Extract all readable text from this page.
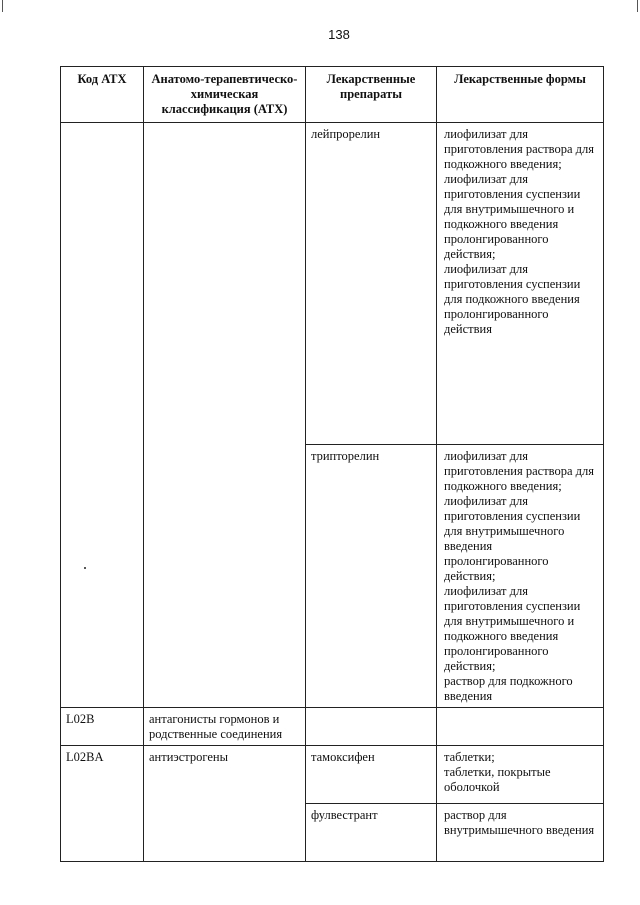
138
Код АТХ	Анатомо-терапевтическо-химическая классификация (АТХ)	Лекарственные препараты	Лекарственные формы
		лейпрорелин	лиофилизат для приготовления раствора для подкожного введения;
лиофилизат для приготовления суспензии для внутримышечного и подкожного введения пролонгированного действия;
лиофилизат для приготовления суспензии для подкожного введения пролонгированного действия

		трипторелин	лиофилизат для приготовления раствора для подкожного введения;
лиофилизат для приготовления суспензии для внутримышечного введения пролонгированного действия;
лиофилизат для приготовления суспензии для внутримышечного и подкожного введения пролонгированного действия;
раствор для подкожного введения

L02B	антагонисты гормонов и родственные соединения		
L02BA	антиэстрогены	тамоксифен	таблетки;
таблетки, покрытые оболочкой

		фулвестрант	раствор для внутримышечного введения
